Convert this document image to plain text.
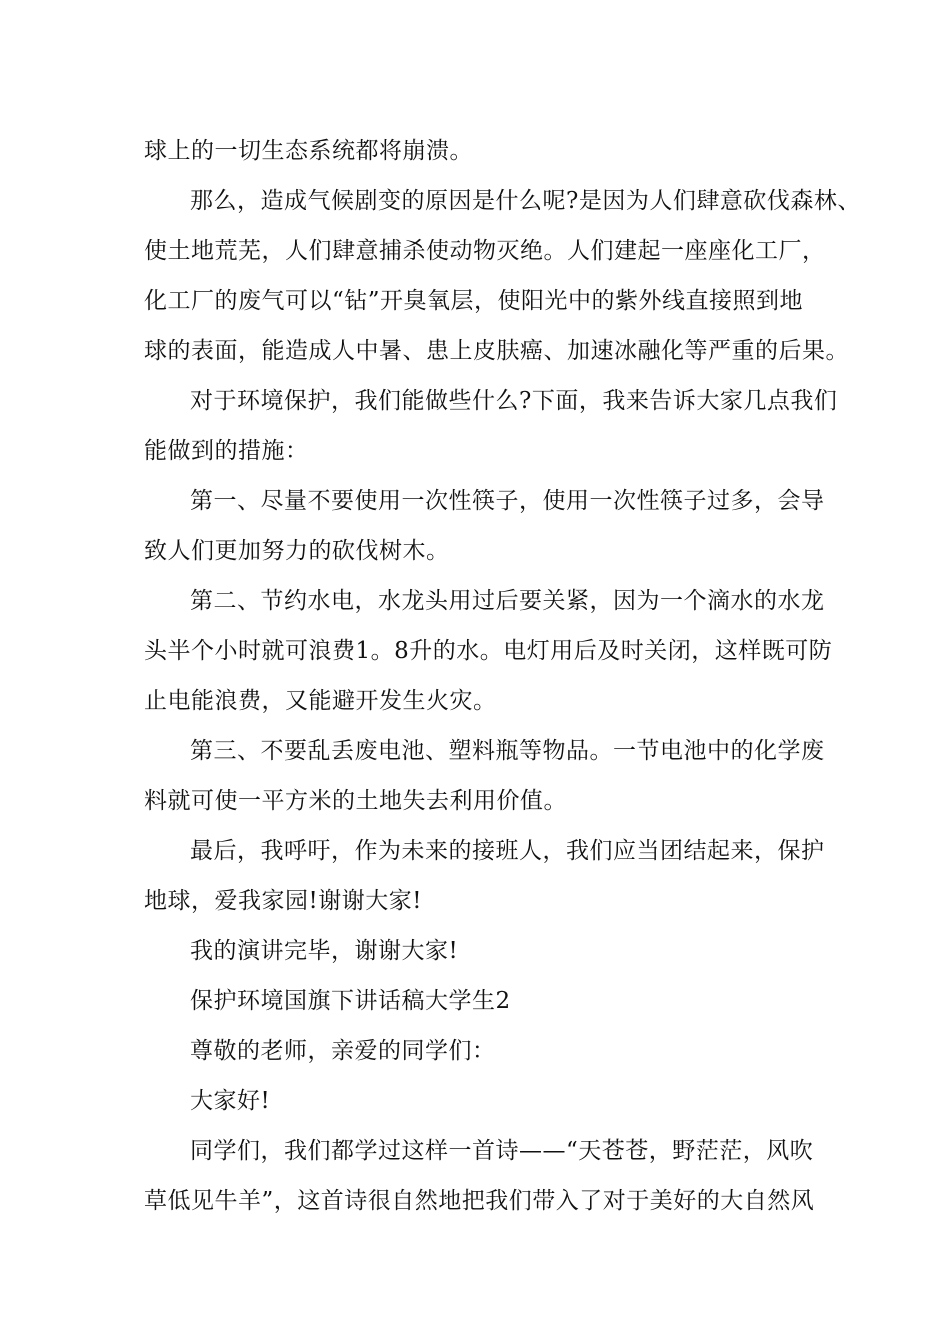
球上的一切生态系统都将崩溃。
那么，造成气候剧变的原因是什么呢?是因为人们肆意砍伐森林、
使土地荒芜，人们肆意捕杀使动物灭绝。人们建起一座座化工厂，
化工厂的废气可以“钻”开臭氧层，使阳光中的紫外线直接照到地
球的表面，能造成人中暑、患上皮肤癌、加速冰融化等严重的后果。
对于环境保护，我们能做些什么?下面，我来告诉大家几点我们
能做到的措施：
第一、尽量不要使用一次性筷子，使用一次性筷子过多，会导
致人们更加努力的砍伐树木。
第二、节约水电，水龙头用过后要关紧，因为一个滴水的水龙
头半个小时就可浪费1。8升的水。电灯用后及时关闭，这样既可防
止电能浪费，又能避开发生火灾。
第三、不要乱丢废电池、塑料瓶等物品。一节电池中的化学废
料就可使一平方米的土地失去利用价值。
最后，我呼吁，作为未来的接班人，我们应当团结起来，保护
地球，爱我家园!谢谢大家!
我的演讲完毕，谢谢大家!
保护环境国旗下讲话稿大学生2
尊敬的老师，亲爱的同学们：
大家好!
同学们，我们都学过这样一首诗——“天苍苍，野茫茫，风吹
草低见牛羊”，这首诗很自然地把我们带入了对于美好的大自然风
